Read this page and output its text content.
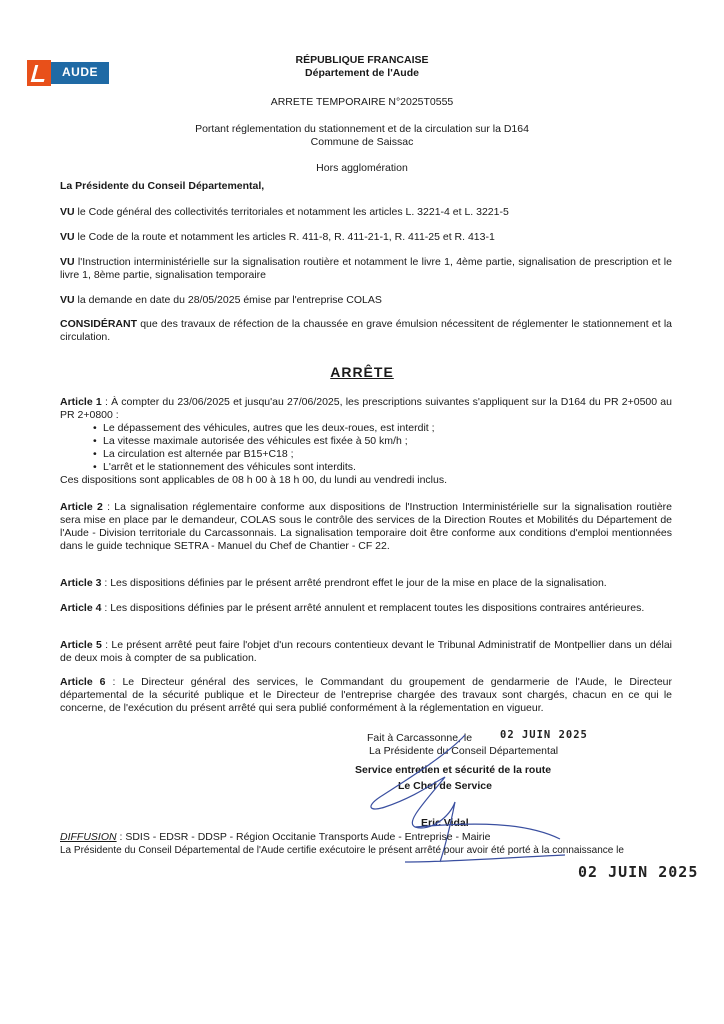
AUDE
RÉPUBLIQUE FRANCAISE
Département de l'Aude
ARRETE TEMPORAIRE N°2025T0555
Portant réglementation du stationnement et de la circulation sur la D164
Commune de Saissac
Hors agglomération
La Présidente du Conseil Départemental,
VU le Code général des collectivités territoriales et notamment les articles L. 3221-4 et L. 3221-5
VU le Code de la route et notamment les articles R. 411-8, R. 411-21-1, R. 411-25 et R. 413-1
VU l'Instruction interministérielle sur la signalisation routière et notamment le livre 1, 4ème partie, signalisation de prescription et le livre 1, 8ème partie, signalisation temporaire
VU la demande en date du 28/05/2025 émise par l'entreprise COLAS
CONSIDÉRANT que des travaux de réfection de la chaussée en grave émulsion nécessitent de réglementer le stationnement et la circulation.
ARRÊTE
Article 1 : À compter du 23/06/2025 et jusqu'au 27/06/2025, les prescriptions suivantes s'appliquent sur la D164 du PR 2+0500 au PR 2+0800 :
• Le dépassement des véhicules, autres que les deux-roues, est interdit ;
• La vitesse maximale autorisée des véhicules est fixée à 50 km/h ;
• La circulation est alternée par B15+C18 ;
• L'arrêt et le stationnement des véhicules sont interdits.
Ces dispositions sont applicables de 08 h 00 à 18 h 00, du lundi au vendredi inclus.
Article 2 : La signalisation réglementaire conforme aux dispositions de l'Instruction Interministérielle sur la signalisation routière sera mise en place par le demandeur, COLAS sous le contrôle des services de la Direction Routes et Mobilités du Département de l'Aude - Division territoriale du Carcassonnais. La signalisation temporaire doit être conforme aux conditions d'emploi mentionnées dans le guide technique SETRA - Manuel du Chef de Chantier - CF 22.
Article 3 : Les dispositions définies par le présent arrêté prendront effet le jour de la mise en place de la signalisation.
Article 4 : Les dispositions définies par le présent arrêté annulent et remplacent toutes les dispositions contraires antérieures.
Article 5 : Le présent arrêté peut faire l'objet d'un recours contentieux devant le Tribunal Administratif de Montpellier dans un délai de deux mois à compter de sa publication.
Article 6 : Le Directeur général des services, le Commandant du groupement de gendarmerie de l'Aude, le Directeur départemental de la sécurité publique et le Directeur de l'entreprise chargée des travaux sont chargés, chacun en ce qui le concerne, de l'exécution du présent arrêté qui sera publié conformément à la réglementation en vigueur.
Fait à Carcassonne, le	02 JUIN 2025
La Présidente du Conseil Départemental
Service entretien et sécurité de la route
Le Chef de Service
Eric Vidal
DIFFUSION : SDIS - EDSR - DDSP - Région Occitanie Transports Aude - Entreprise - Mairie
La Présidente du Conseil Départemental de l'Aude certifie exécutoire le présent arrêté pour avoir été porté à la connaissance le
02 JUIN 2025
